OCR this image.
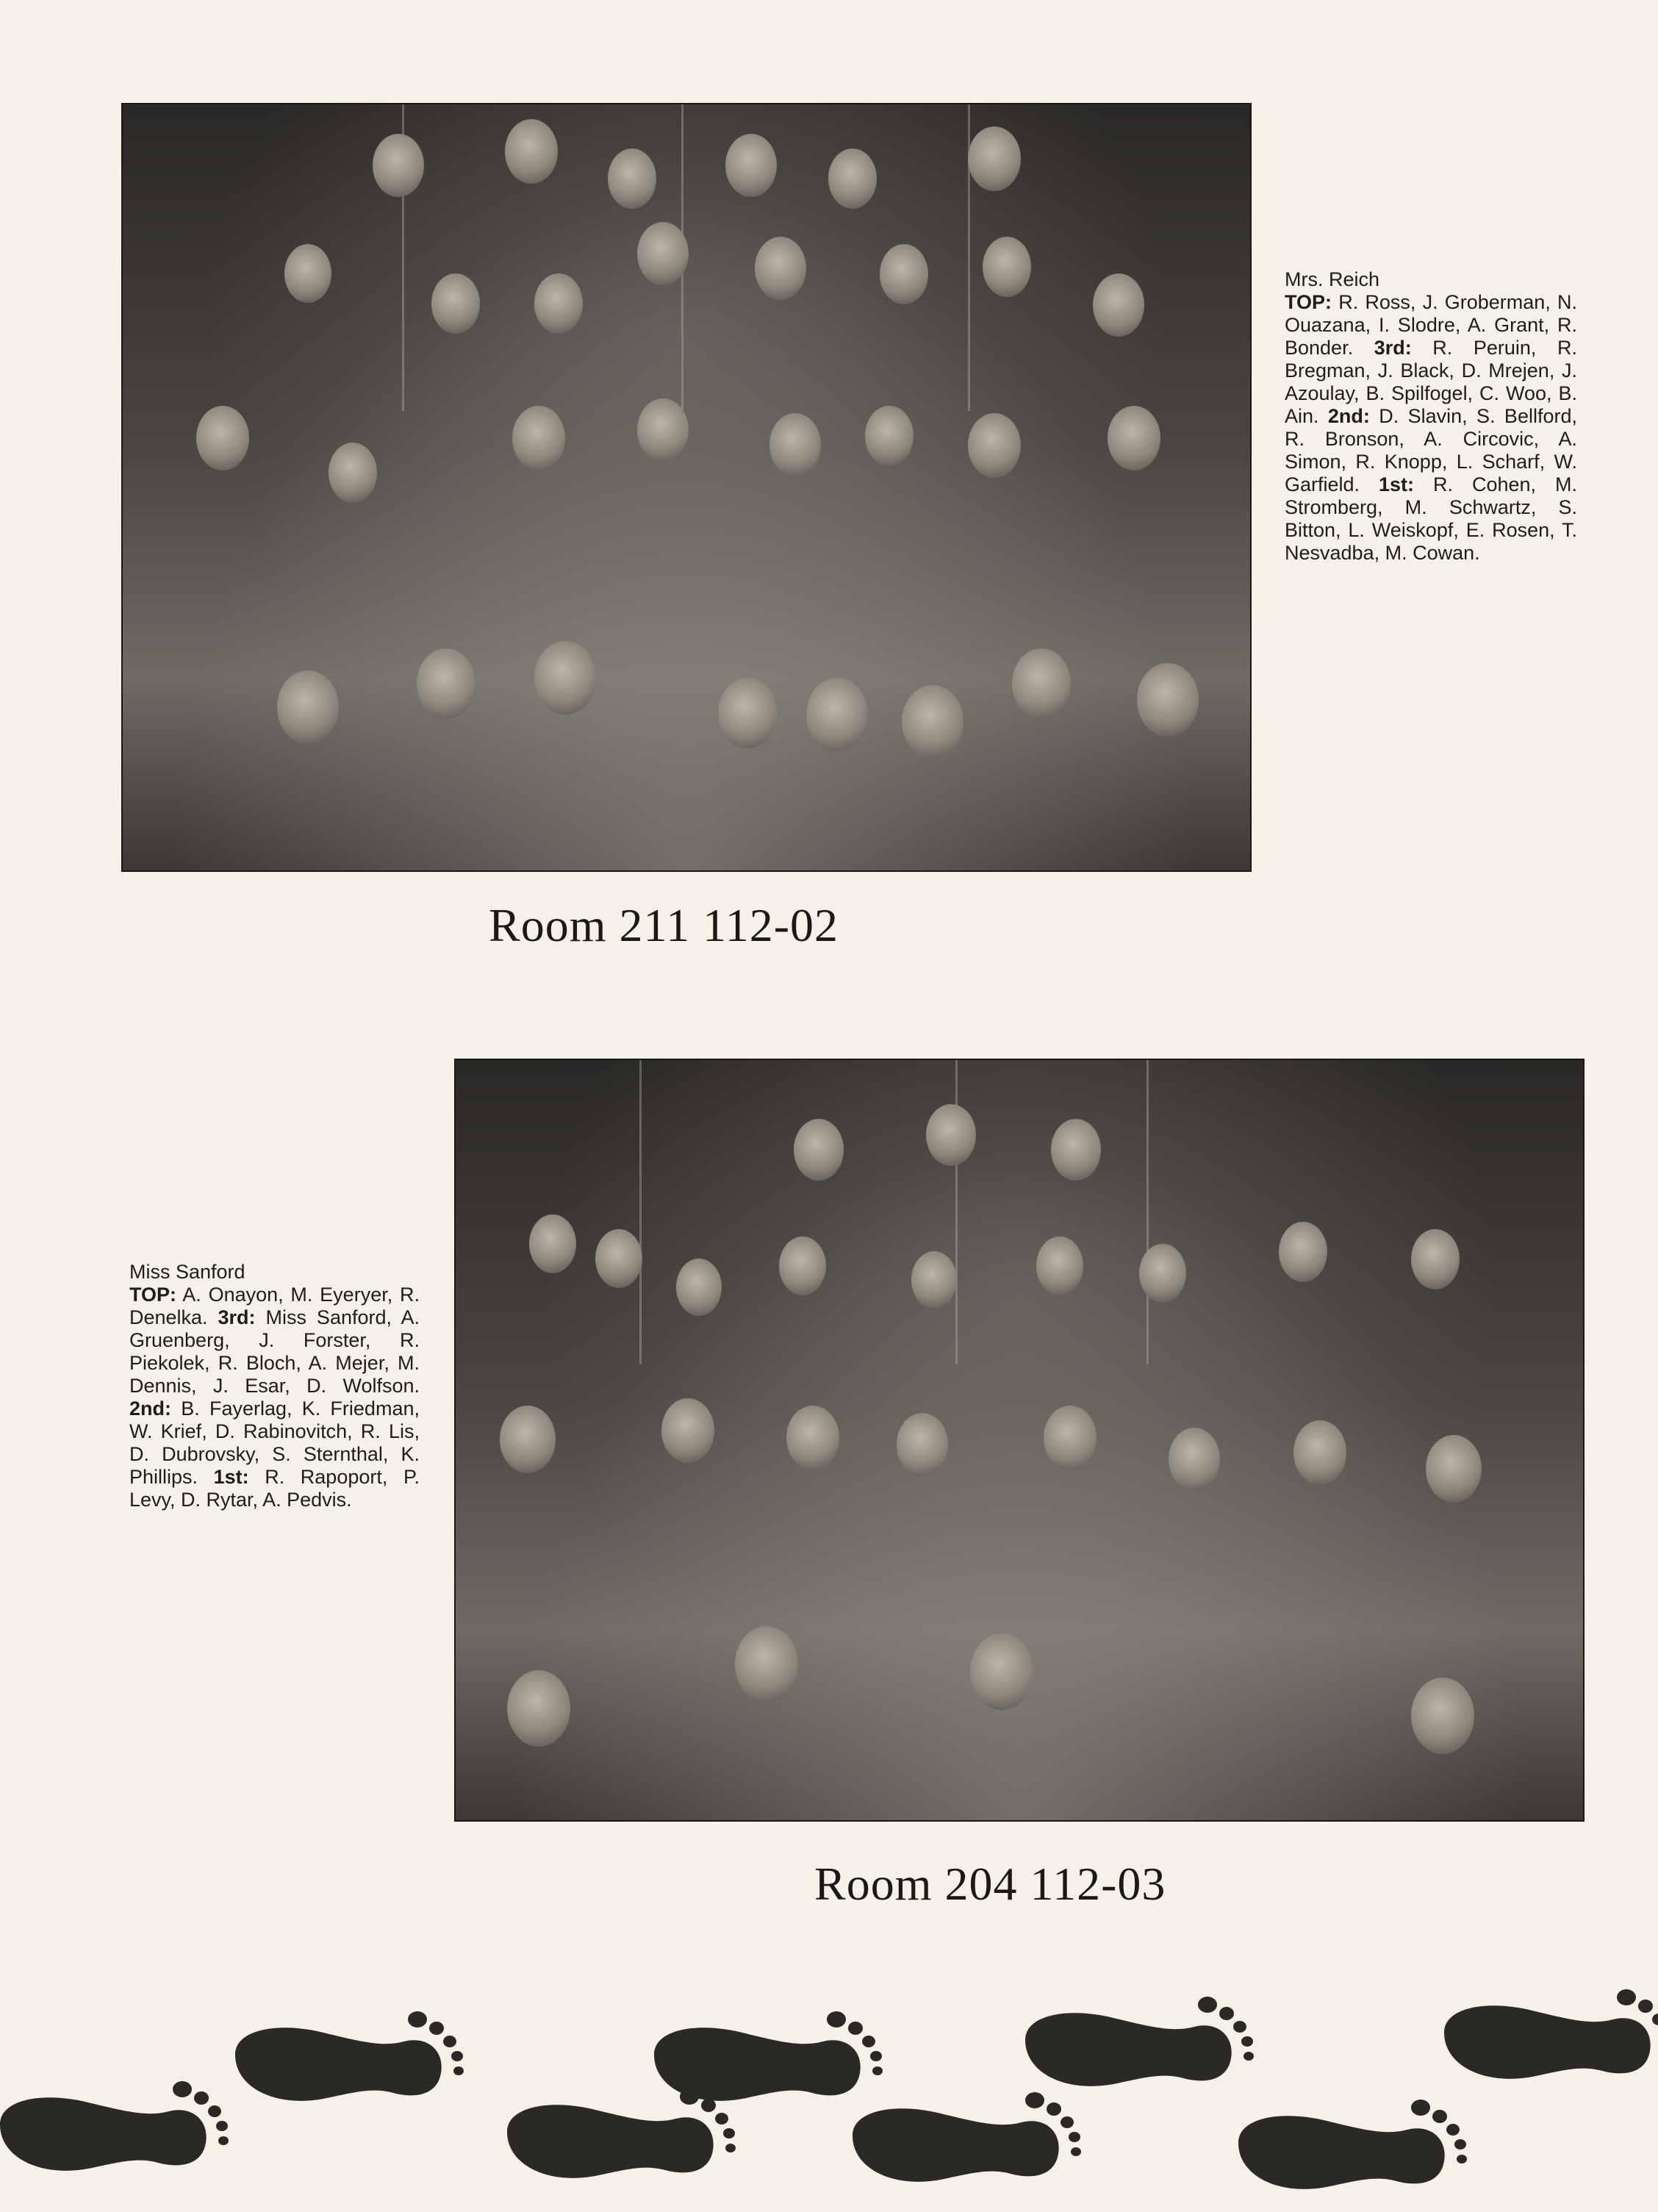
Mrs. Reich
TOP: R. Ross, J. Groberman, N. Ouazana, I. Slodre, A. Grant, R. Bonder. 3rd: R. Peruin, R. Bregman, J. Black, D. Mrejen, J. Azoulay, B. Spilfogel, C. Woo, B. Ain. 2nd: D. Slavin, S. Bellford, R. Bronson, A. Circovic, A. Simon, R. Knopp, L. Scharf, W. Garfield. 1st: R. Cohen, M. Stromberg, M. Schwartz, S. Bitton, L. Weiskopf, E. Rosen, T. Nesvadba, M. Cowan.
Room 211 112-02
Miss Sanford
TOP: A. Onayon, M. Eyeryer, R. Denelka. 3rd: Miss Sanford, A. Gruenberg, J. Forster, R. Piekolek, R. Bloch, A. Mejer, M. Dennis, J. Esar, D. Wolfson. 2nd: B. Fayerlag, K. Friedman, W. Krief, D. Rabinovitch, R. Lis, D. Dubrovsky, S. Sternthal, K. Phillips. 1st: R. Rapoport, P. Levy, D. Rytar, A. Pedvis.
Room 204 112-03
